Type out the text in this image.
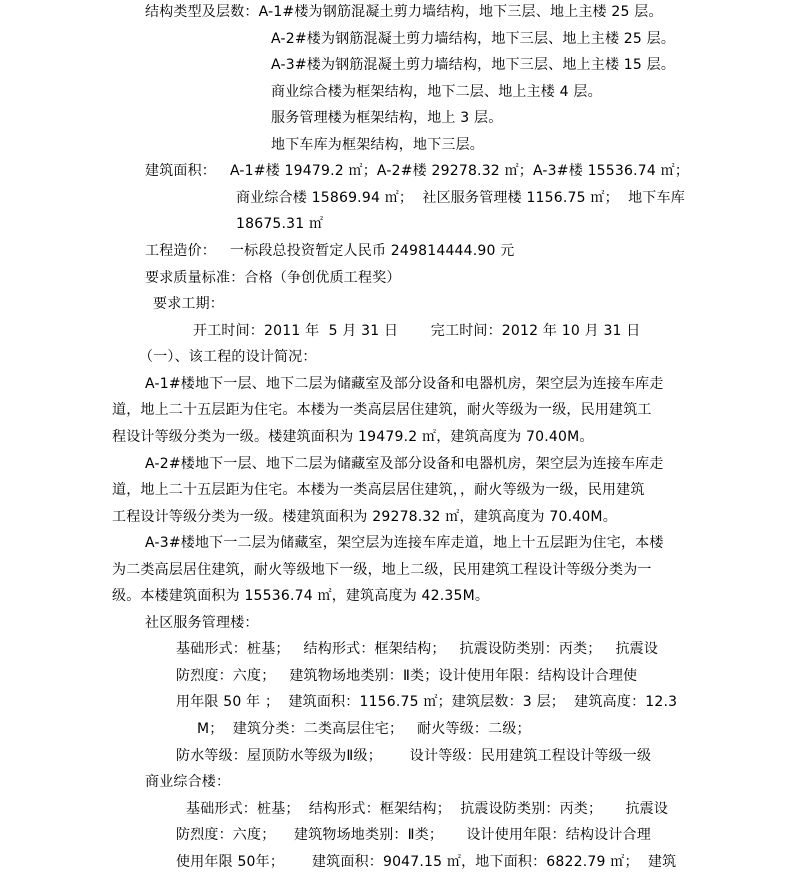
结构类型及层数：A-1#楼为钢筋混凝土剪力墙结构，地下三层、地上主楼 25 层。
A-2#楼为钢筋混凝土剪力墙结构，地下三层、地上主楼 25 层。
A-3#楼为钢筋混凝土剪力墙结构，地下三层、地上主楼 15 层。
商业综合楼为框架结构，地下二层、地上主楼 4 层。
服务管理楼为框架结构，地上 3 层。
地下车库为框架结构，地下三层。
建筑面积：   A-1#楼 19479.2 ㎡；A-2#楼 29278.32 ㎡；A-3#楼 15536.74 ㎡；
商业综合楼 15869.94 ㎡；  社区服务管理楼 1156.75 ㎡；  地下车库
18675.31 ㎡
工程造价：   一标段总投资暂定人民币 249814444.90 元
要求质量标准：合格（争创优质工程奖）
要求工期：
开工时间：2011 年  5 月 31 日       完工时间：2012 年 10 月 31 日
（一）、该工程的设计简况：
A-1#楼地下一层、地下二层为储藏室及部分设备和电器机房，架空层为连接车库走
道，地上二十五层距为住宅。本楼为一类高层居住建筑，耐火等级为一级，民用建筑工
程设计等级分类为一级。楼建筑面积为 19479.2 ㎡，建筑高度为 70.40M。
A-2#楼地下一层、地下二层为储藏室及部分设备和电器机房，架空层为连接车库走
道，地上二十五层距为住宅。本楼为一类高层居住建筑，，耐火等级为一级，民用建筑
工程设计等级分类为一级。楼建筑面积为 29278.32 ㎡，建筑高度为 70.40M。
A-3#楼地下一二层为储藏室，架空层为连接车库走道，地上十五层距为住宅，本楼
为二类高层居住建筑，耐火等级地下一级，地上二级，民用建筑工程设计等级分类为一
级。本楼建筑面积为 15536.74 ㎡，建筑高度为 42.35M。
社区服务管理楼：
基础形式：桩基；   结构形式：框架结构；   抗震设防类别：丙类；   抗震设
防烈度：六度；   建筑物场地类别：Ⅱ类；设计使用年限：结构设计合理使
用年限 50 年 ；  建筑面积：1156.75 ㎡；建筑层数：3 层；  建筑高度：12.3
M；  建筑分类：二类高层住宅；   耐火等级：二级；
防水等级：屋顶防水等级为Ⅱ级；      设计等级：民用建筑工程设计等级一级
商业综合楼：
基础形式：桩基；  结构形式：框架结构；  抗震设防类别：丙类；     抗震设
防烈度：六度；    建筑物场地类别：Ⅱ类；     设计使用年限：结构设计合理
使用年限 50年；      建筑面积：9047.15 ㎡，地下面积：6822.79 ㎡；  建筑
